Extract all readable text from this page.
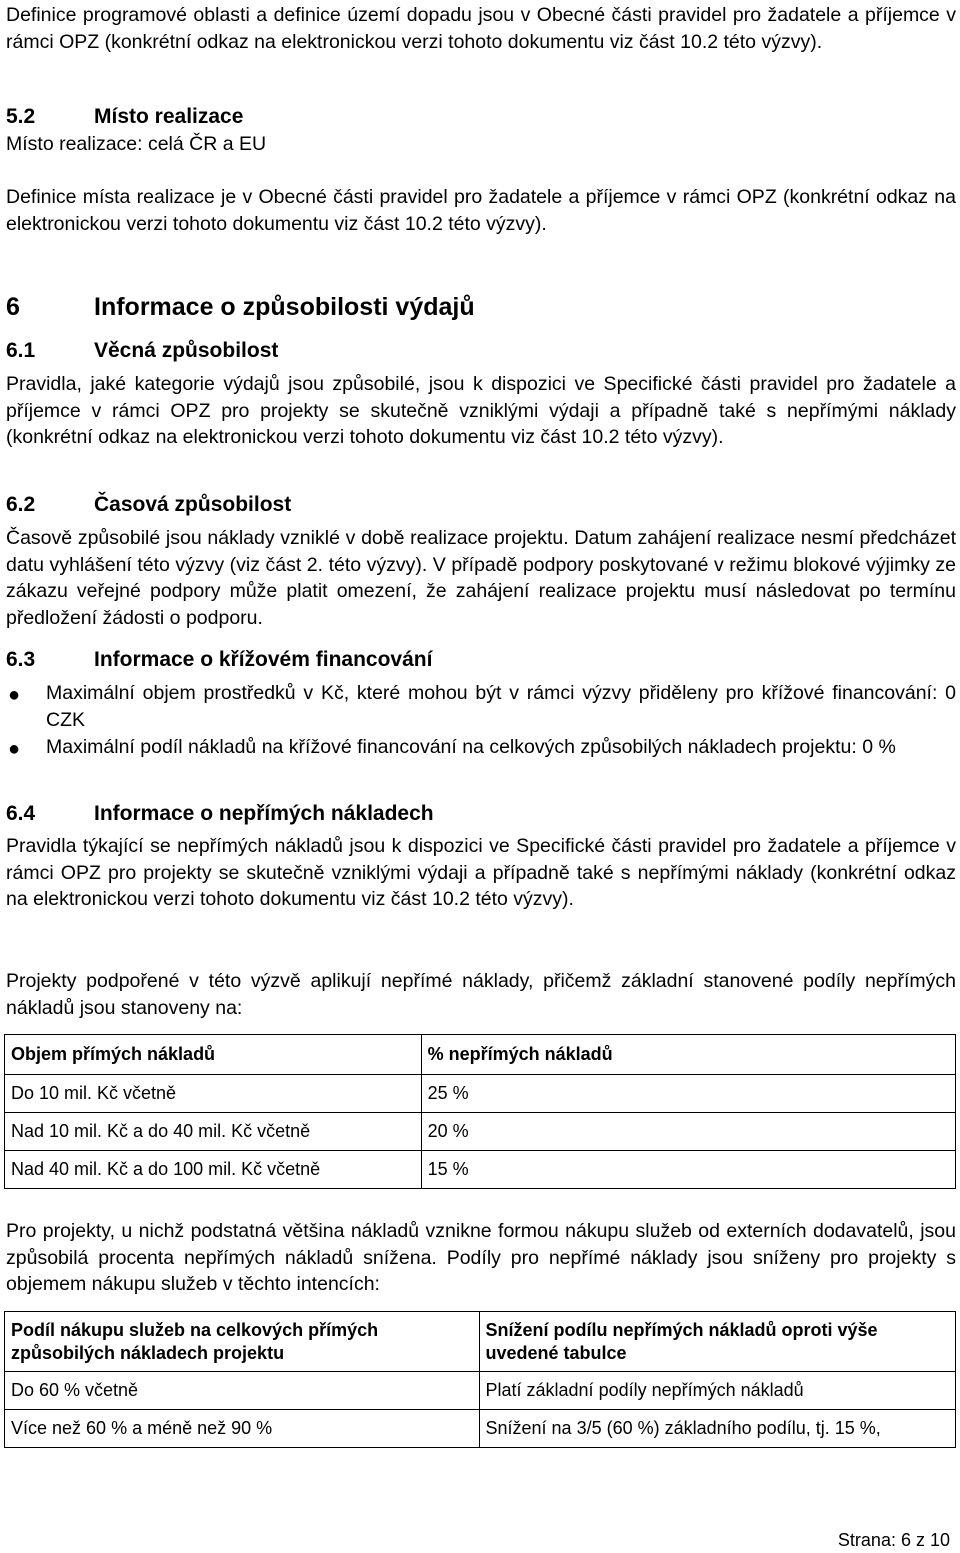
Definice programové oblasti a definice území dopadu jsou v Obecné části pravidel pro žadatele a příjemce v rámci OPZ (konkrétní odkaz na elektronickou verzi tohoto dokumentu viz část 10.2 této výzvy).

5.2	Místo realizace

Místo realizace: celá ČR a EU

Definice místa realizace je v Obecné části pravidel pro žadatele a příjemce v rámci OPZ (konkrétní odkaz na elektronickou verzi tohoto dokumentu viz část 10.2 této výzvy).

6	Informace o způsobilosti výdajů
6.1	Věcná způsobilost

Pravidla, jaké kategorie výdajů jsou způsobilé, jsou k dispozici ve Specifické části pravidel pro žadatele a příjemce v rámci OPZ pro projekty se skutečně vzniklými výdaji a případně také s nepřímými náklady (konkrétní odkaz na elektronickou verzi tohoto dokumentu viz část 10.2 této výzvy).

6.2	Časová způsobilost

Časově způsobilé jsou náklady vzniklé v době realizace projektu. Datum zahájení realizace nesmí předcházet datu vyhlášení této výzvy (viz část 2. této výzvy). V případě podpory poskytované v režimu blokové výjimky ze zákazu veřejné podpory může platit omezení, že zahájení realizace projektu musí následovat po termínu předložení žádosti o podporu.

6.3	Informace o křížovém financování
● Maximální objem prostředků v Kč, které mohou být v rámci výzvy přiděleny pro křížové financování: 0 CZK
● Maximální podíl nákladů na křížové financování na celkových způsobilých nákladech projektu: 0 %
6.4	Informace o nepřímých nákladech

Pravidla týkající se nepřímých nákladů jsou k dispozici ve Specifické části pravidel pro žadatele a příjemce v rámci OPZ pro projekty se skutečně vzniklými výdaji a případně také s nepřímými náklady (konkrétní odkaz na elektronickou verzi tohoto dokumentu viz část 10.2 této výzvy).

Projekty podpořené v této výzvě aplikují nepřímé náklady, přičemž základní stanovené podíly nepřímých nákladů jsou stanoveny na:

Objem přímých nákladů	% nepřímých nákladů
Do 10 mil. Kč včetně	25 %
Nad 10 mil. Kč a do 40 mil. Kč včetně	20 %
Nad 40 mil. Kč a do 100 mil. Kč včetně	15 %

Pro projekty, u nichž podstatná většina nákladů vznikne formou nákupu služeb od externích dodavatelů, jsou způsobilá procenta nepřímých nákladů snížena. Podíly pro nepřímé náklady jsou sníženy pro projekty s objemem nákupu služeb v těchto intencích:

Podíl nákupu služeb na celkových přímých způsobilých nákladech projektu	Snížení podílu nepřímých nákladů oproti výše uvedené tabulce
Do 60 % včetně	Platí základní podíly nepřímých nákladů
Více než 60 % a méně než 90 %	Snížení na 3/5 (60 %) základního podílu, tj. 15 %,
Strana: 6 z 10
